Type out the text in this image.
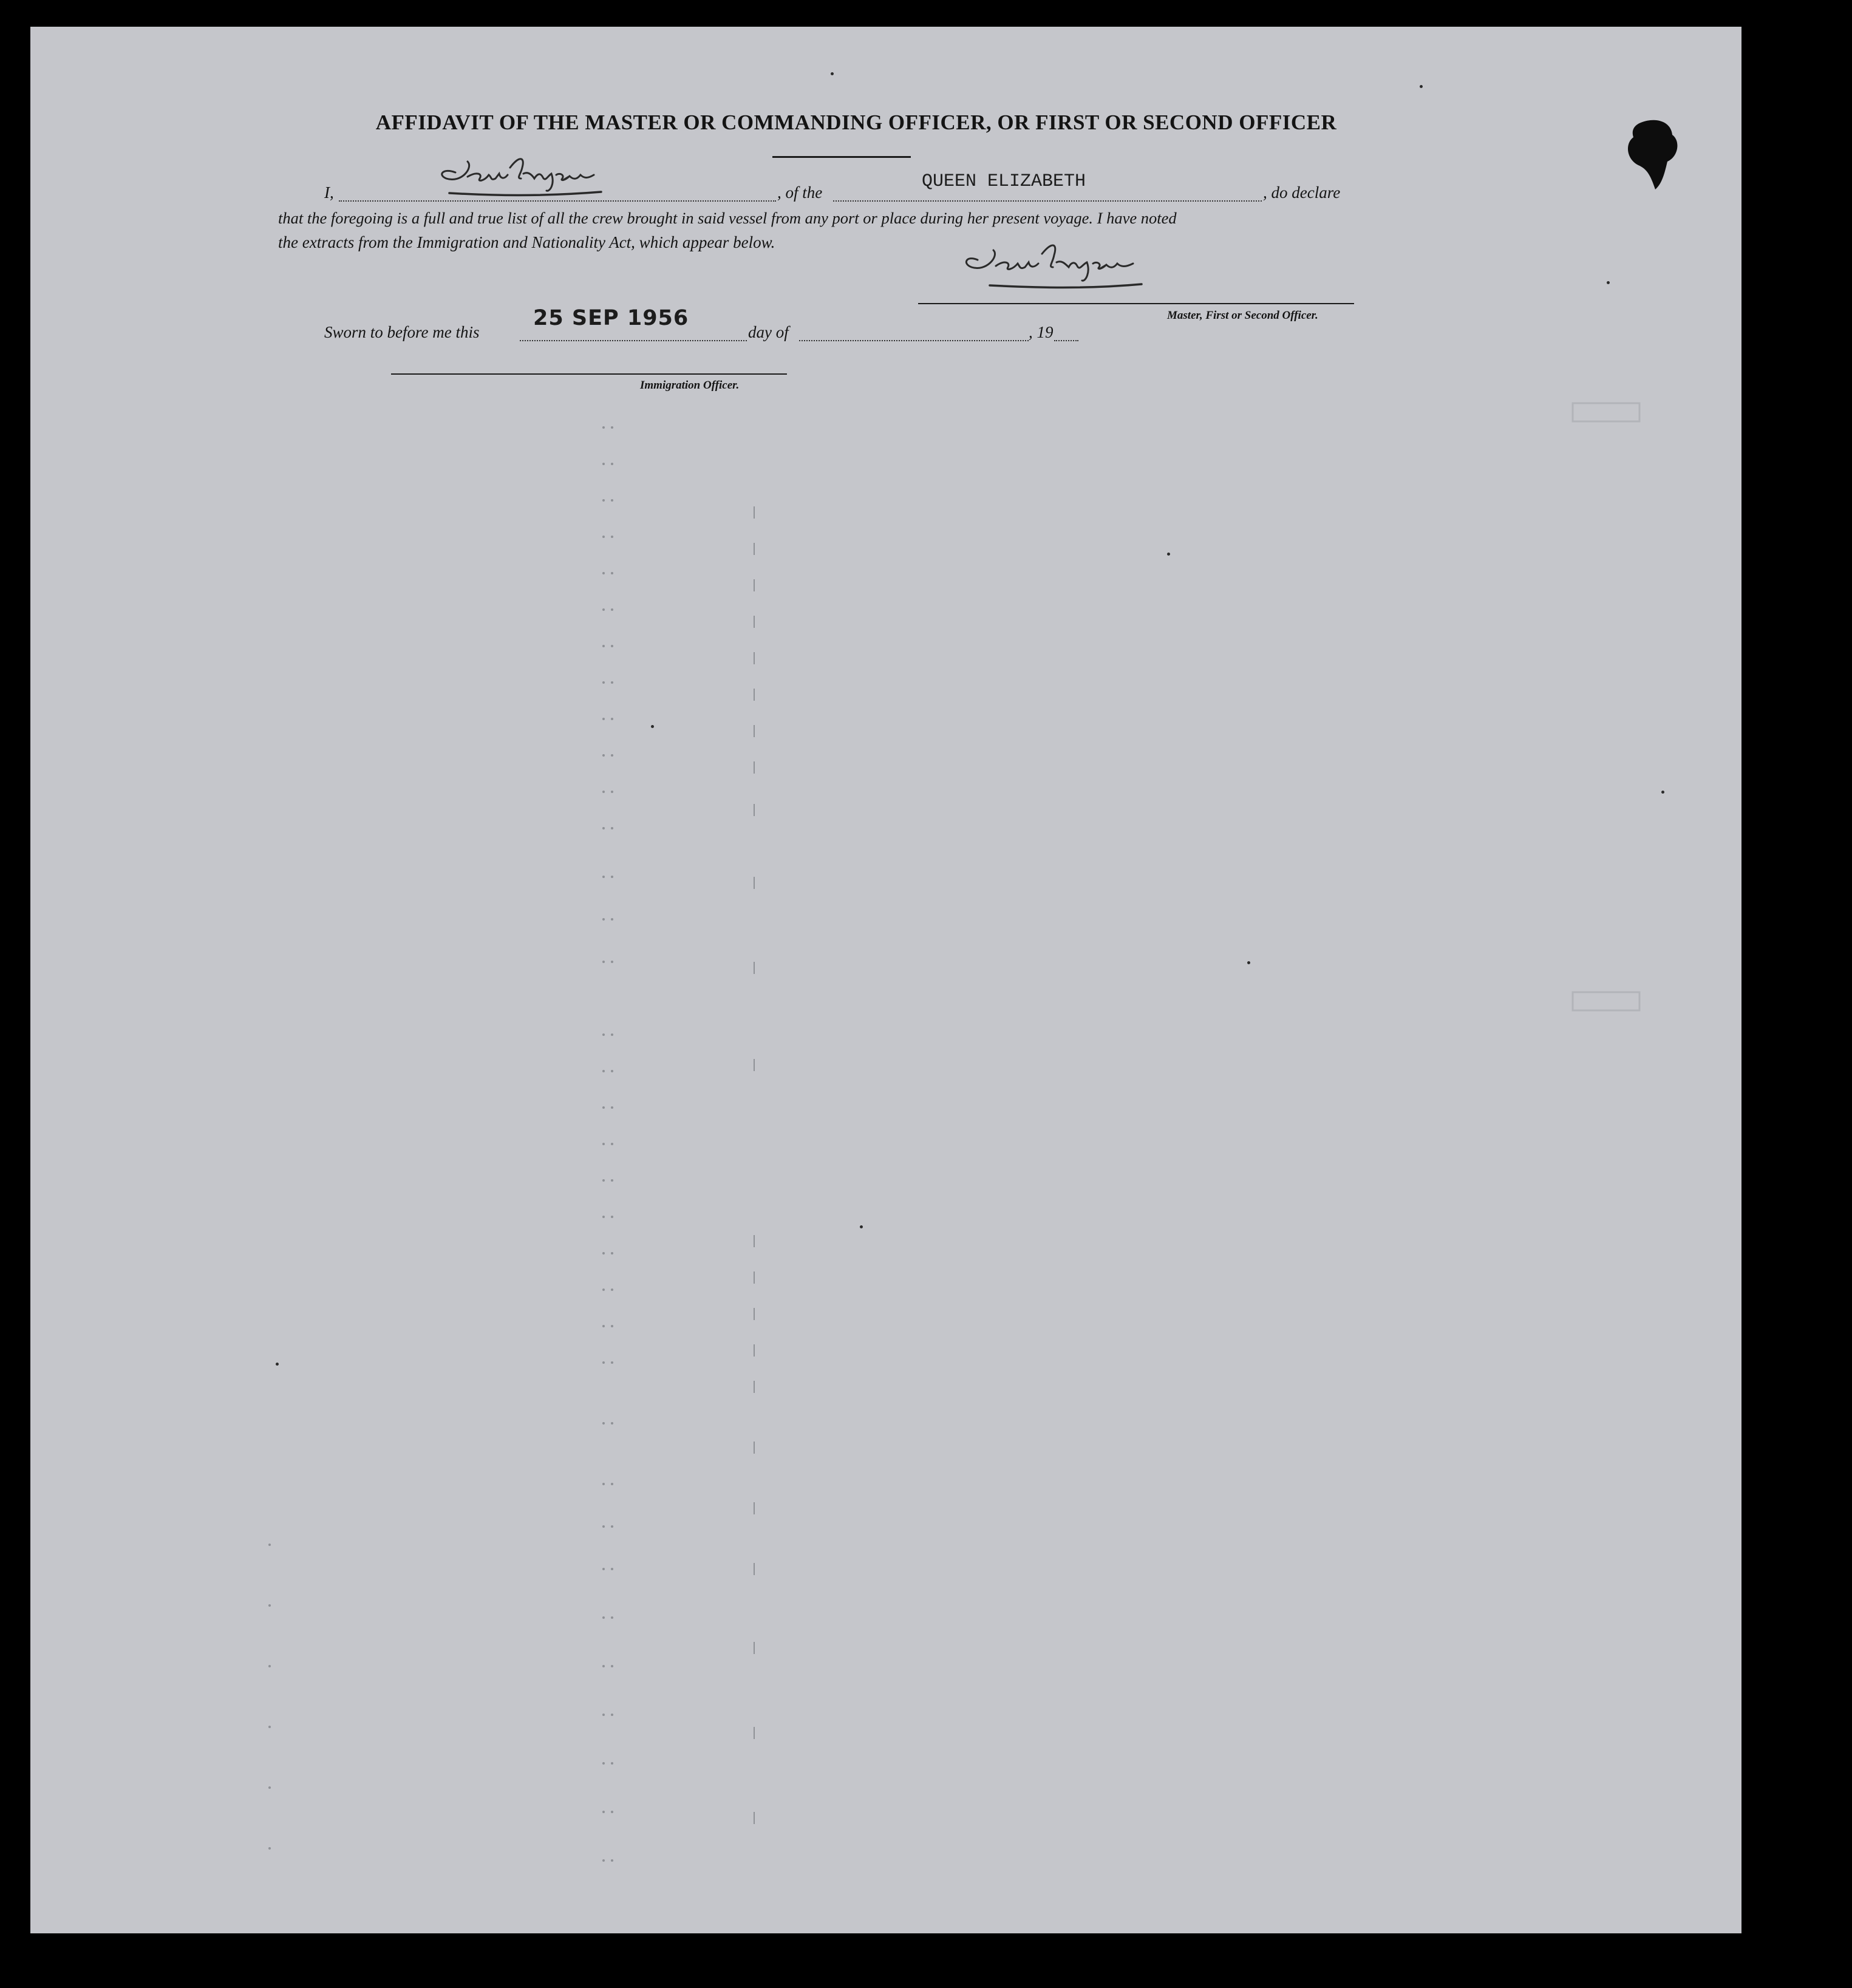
AFFIDAVIT OF THE MASTER OR COMMANDING OFFICER, OR FIRST OR SECOND OFFICER
I,	, of the
QUEEN ELIZABETH
, do declare
that the foregoing is a full and true list of all the crew brought in said vessel from any port or place during her present voyage. I have noted
the extracts from the Immigration and Nationality Act, which appear below.
Master, First or Second Officer.
Sworn to before me this
25 SEP 1956
day of	, 19
Immigration Officer.
